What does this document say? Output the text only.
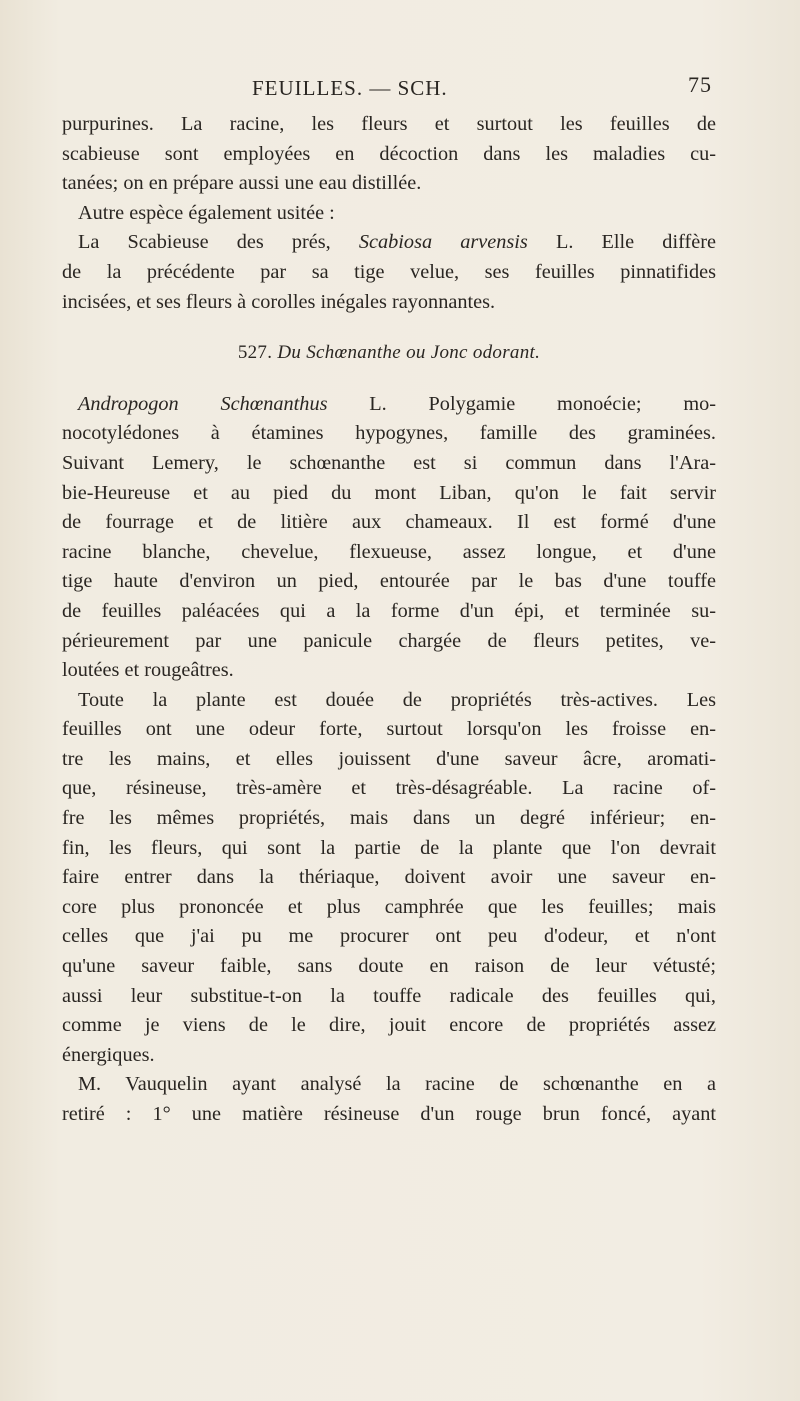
FEUILLES. — SCH.	75

purpurines. La racine, les fleurs et surtout les feuilles de

scabieuse sont employées en décoction dans les maladies cu-

tanées; on en prépare aussi une eau distillée.

Autre espèce également usitée :

La Scabieuse des prés, Scabiosa arvensis L. Elle diffère

de la précédente par sa tige velue, ses feuilles pinnatifides

incisées, et ses fleurs à corolles inégales rayonnantes.

527. Du Schœnanthe ou Jonc odorant.

Andropogon Schœnanthus L. Polygamie monoécie; mo-

nocotylédones à étamines hypogynes, famille des graminées.

Suivant Lemery, le schœnanthe est si commun dans l'Ara-

bie-Heureuse et au pied du mont Liban, qu'on le fait servir

de fourrage et de litière aux chameaux. Il est formé d'une

racine blanche, chevelue, flexueuse, assez longue, et d'une

tige haute d'environ un pied, entourée par le bas d'une touffe

de feuilles paléacées qui a la forme d'un épi, et terminée su-

périeurement par une panicule chargée de fleurs petites, ve-

loutées et rougeâtres.

Toute la plante est douée de propriétés très-actives. Les

feuilles ont une odeur forte, surtout lorsqu'on les froisse en-

tre les mains, et elles jouissent d'une saveur âcre, aromati-

que, résineuse, très-amère et très-désagréable. La racine of-

fre les mêmes propriétés, mais dans un degré inférieur; en-

fin, les fleurs, qui sont la partie de la plante que l'on devrait

faire entrer dans la thériaque, doivent avoir une saveur en-

core plus prononcée et plus camphrée que les feuilles; mais

celles que j'ai pu me procurer ont peu d'odeur, et n'ont

qu'une saveur faible, sans doute en raison de leur vétusté;

aussi leur substitue-t-on la touffe radicale des feuilles qui,

comme je viens de le dire, jouit encore de propriétés assez

énergiques.

M. Vauquelin ayant analysé la racine de schœnanthe en a

retiré : 1° une matière résineuse d'un rouge brun foncé, ayant
